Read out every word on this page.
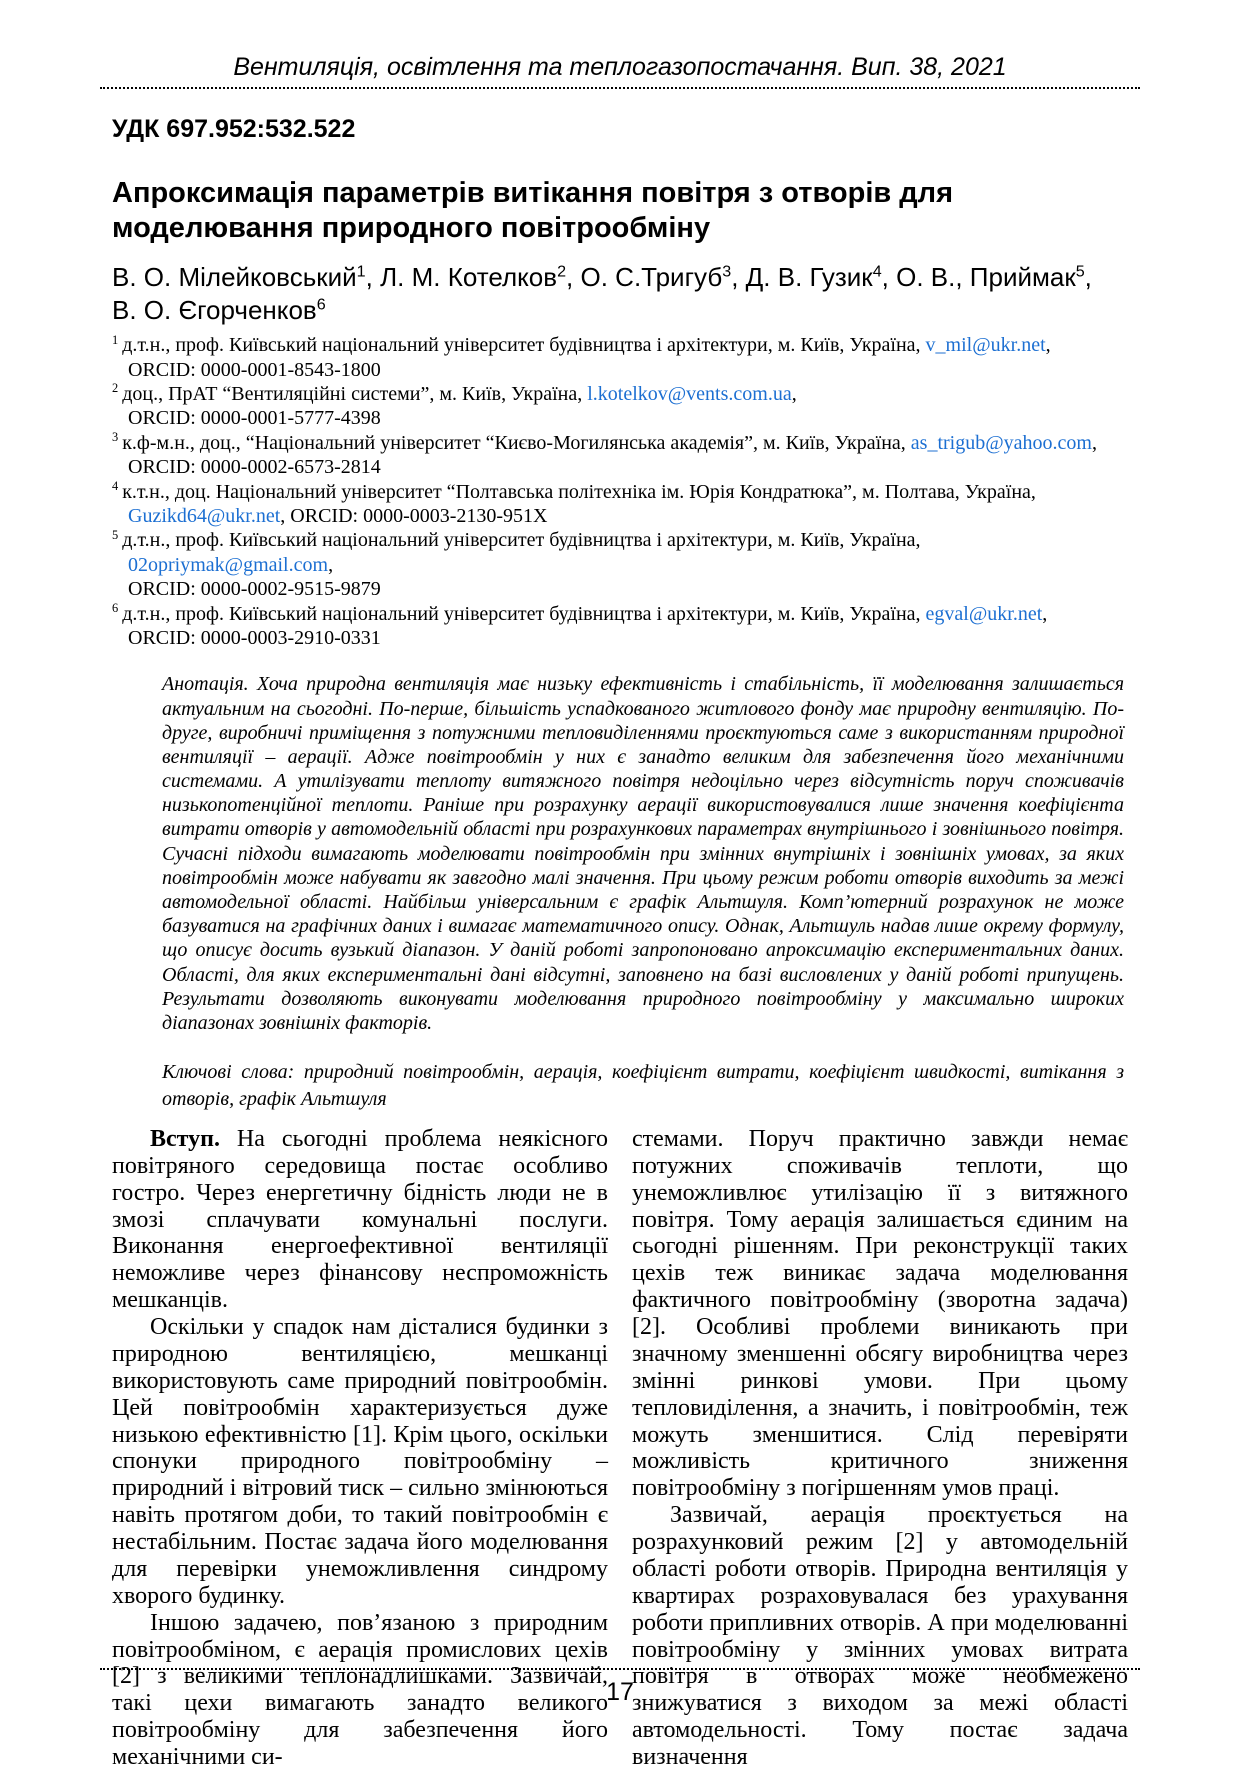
Вентиляція, освітлення та теплогазопостачання. Вип. 38, 2021
УДК 697.952:532.522
Апроксимація параметрів витікання повітря з отворів для моделювання природного повітрообміну
В. О. Мілейковський$^1$, Л. М. Котелков$^2$, О. С.Тригуб$^3$, Д. В. Гузик$^4$, О. В., Приймак$^5$,
В. О. Єгорченков$^6$
$^1$ д.т.н., проф. Київський національний університет будівництва і архітектури, м. Київ, Україна, v_mil@ukr.net,
ORCID: 0000-0001-8543-1800
$^2$ доц., ПрАТ “Вентиляційні системи”, м. Київ, Україна, l.kotelkov@vents.com.ua,
ORCID: 0000-0001-5777-4398
$^3$ к.ф-м.н., доц., “Національний університет “Києво-Могилянська академія”, м. Київ, Україна, as_trigub@yahoo.com,
ORCID: 0000-0002-6573-2814
$^4$ к.т.н., доц. Національний університет “Полтавська політехніка ім. Юрія Кондратюка”, м. Полтава, Україна,
Guzikd64@ukr.net, ORCID: 0000-0003-2130-951X
$^5$ д.т.н., проф. Київський національний університет будівництва і архітектури, м. Київ, Україна, 02opriymak@gmail.com,
ORCID: 0000-0002-9515-9879
$^6$ д.т.н., проф. Київський національний університет будівництва і архітектури, м. Київ, Україна, egval@ukr.net,
ORCID: 0000-0003-2910-0331

Анотація. Хоча природна вентиляція має низьку ефективність і стабільність, її моделювання залишається актуальним на сьогодні. По-перше, більшість успадкованого житлового фонду має природну вентиляцію. По-друге, виробничі приміщення з потужними тепловиділеннями проєктуються саме з використанням природної вентиляції – аерації. Адже повітрообмін у них є занадто великим для забезпечення його механічними системами. А утилізувати теплоту витяжного повітря недоцільно через відсутність поруч споживачів низькопотенційної теплоти. Раніше при розрахунку аерації використовувалися лише значення коефіцієнта витрати отворів у автомодельній області при розрахункових параметрах внутрішнього і зовнішнього повітря. Сучасні підходи вимагають моделювати повітрообмін при змінних внутрішніх і зовнішніх умовах, за яких повітрообмін може набувати як завгодно малі значення. При цьому режим роботи отворів виходить за межі автомодельної області. Найбільш універсальним є графік Альтшуля. Комп’ютерний розрахунок не може базуватися на графічних даних і вимагає математичного опису. Однак, Альтшуль надав лише окрему формулу, що описує досить вузький діапазон. У даній роботі запропоновано апроксимацію експериментальних даних. Області, для яких експериментальні дані відсутні, заповнено на базі висловлених у даній роботі припущень. Результати дозволяють виконувати моделювання природного повітрообміну у максимально широких діапазонах зовнішніх факторів.

Ключові слова: природний повітрообмін, аерація, коефіцієнт витрати, коефіцієнт швидкості, витікання з отворів, графік Альтшуля

Вступ. На сьогодні проблема неякісного повітряного середовища постає особливо гостро. Через енергетичну бідність люди не в змозі сплачувати комунальні послуги. Виконання енергоефективної вентиляції неможливе через фінансову неспроможність мешканців.

Оскільки у спадок нам дісталися будинки з природною вентиляцією, мешканці використовують саме природний повітрообмін. Цей повітрообмін характеризується дуже низькою ефективністю [1]. Крім цього, оскільки спонуки природного повітрообміну – природний і вітровий тиск – сильно змінюються навіть протягом доби, то такий повітрообмін є нестабільним. Постає задача його моделювання для перевірки унеможливлення синдрому хворого будинку.

Іншою задачею, пов’язаною з природним повітрообміном, є аерація промислових цехів [2] з великими теплонадлишками. Зазвичай, такі цехи вимагають занадто великого повітрообміну для забезпечення його механічними си-

стемами. Поруч практично завжди немає потужних споживачів теплоти, що унеможливлює утилізацію її з витяжного повітря. Тому аерація залишається єдиним на сьогодні рішенням. При реконструкції таких цехів теж виникає задача моделювання фактичного повітрообміну (зворотна задача) [2]. Особливі проблеми виникають при значному зменшенні обсягу виробництва через змінні ринкові умови. При цьому тепловиділення, а значить, і повітрообмін, теж можуть зменшитися. Слід перевіряти можливість критичного зниження повітрообміну з погіршенням умов праці.

Зазвичай, аерація проєктується на розрахунковий режим [2] у автомодельній області роботи отворів. Природна вентиляція у квартирах розраховувалася без урахування роботи припливних отворів. А при моделюванні повітрообміну у змінних умовах витрата повітря в отворах може необмежено знижуватися з виходом за межі області автомодельності. Тому постає задача визначення

17
